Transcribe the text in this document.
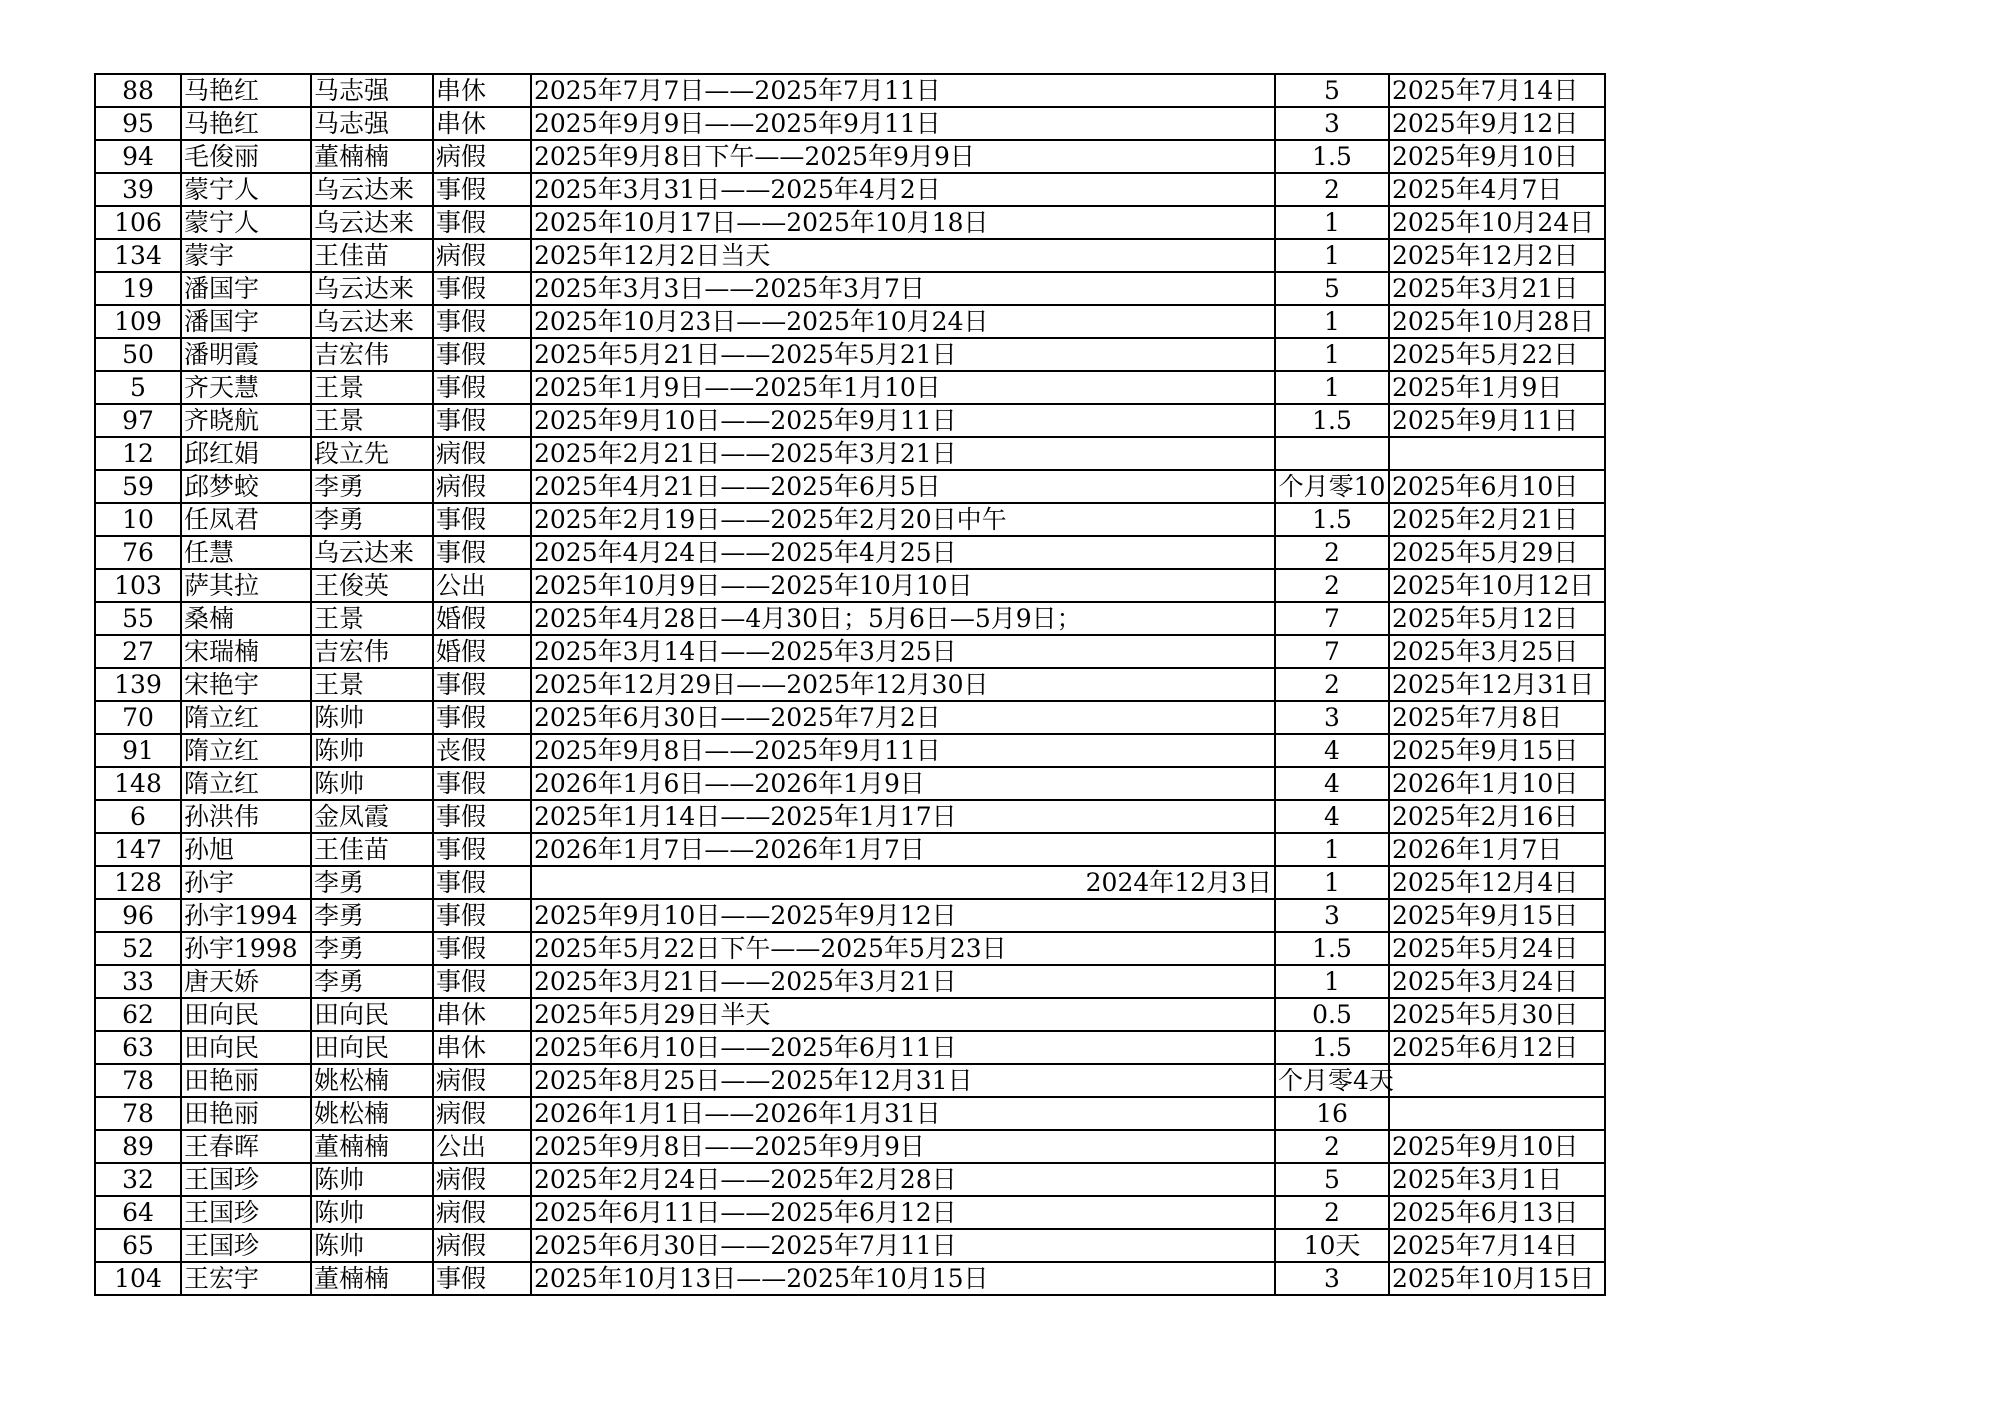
88	马艳红	马志强	串休	2025年7月7日——2025年7月11日	5	2025年7月14日
95	马艳红	马志强	串休	2025年9月9日——2025年9月11日	3	2025年9月12日
94	毛俊丽	董楠楠	病假	2025年9月8日下午——2025年9月9日	1.5	2025年9月10日
39	蒙宁人	乌云达来	事假	2025年3月31日——2025年4月2日	2	2025年4月7日
106	蒙宁人	乌云达来	事假	2025年10月17日——2025年10月18日	1	2025年10月24日
134	蒙宇	王佳苗	病假	2025年12月2日当天	1	2025年12月2日
19	潘国宇	乌云达来	事假	2025年3月3日——2025年3月7日	5	2025年3月21日
109	潘国宇	乌云达来	事假	2025年10月23日——2025年10月24日	1	2025年10月28日
50	潘明霞	吉宏伟	事假	2025年5月21日——2025年5月21日	1	2025年5月22日
5	齐天慧	王景	事假	2025年1月9日——2025年1月10日	1	2025年1月9日
97	齐晓航	王景	事假	2025年9月10日——2025年9月11日	1.5	2025年9月11日
12	邱红娟	段立先	病假	2025年2月21日——2025年3月21日		
59	邱梦蛟	李勇	病假	2025年4月21日——2025年6月5日	个月零10	2025年6月10日
10	任凤君	李勇	事假	2025年2月19日——2025年2月20日中午	1.5	2025年2月21日
76	任慧	乌云达来	事假	2025年4月24日——2025年4月25日	2	2025年5月29日
103	萨其拉	王俊英	公出	2025年10月9日——2025年10月10日	2	2025年10月12日
55	桑楠	王景	婚假	2025年4月28日—4月30日；5月6日—5月9日；	7	2025年5月12日
27	宋瑞楠	吉宏伟	婚假	2025年3月14日——2025年3月25日	7	2025年3月25日
139	宋艳宇	王景	事假	2025年12月29日——2025年12月30日	2	2025年12月31日
70	隋立红	陈帅	事假	2025年6月30日——2025年7月2日	3	2025年7月8日
91	隋立红	陈帅	丧假	2025年9月8日——2025年9月11日	4	2025年9月15日
148	隋立红	陈帅	事假	2026年1月6日——2026年1月9日	4	2026年1月10日
6	孙洪伟	金凤霞	事假	2025年1月14日——2025年1月17日	4	2025年2月16日
147	孙旭	王佳苗	事假	2026年1月7日——2026年1月7日	1	2026年1月7日
128	孙宇	李勇	事假	2024年12月3日	1	2025年12月4日
96	孙宇1994	李勇	事假	2025年9月10日——2025年9月12日	3	2025年9月15日
52	孙宇1998	李勇	事假	2025年5月22日下午——2025年5月23日	1.5	2025年5月24日
33	唐天娇	李勇	事假	2025年3月21日——2025年3月21日	1	2025年3月24日
62	田向民	田向民	串休	2025年5月29日半天	0.5	2025年5月30日
63	田向民	田向民	串休	2025年6月10日——2025年6月11日	1.5	2025年6月12日
78	田艳丽	姚松楠	病假	2025年8月25日——2025年12月31日	个月零4天	
78	田艳丽	姚松楠	病假	2026年1月1日——2026年1月31日	16	
89	王春晖	董楠楠	公出	2025年9月8日——2025年9月9日	2	2025年9月10日
32	王国珍	陈帅	病假	2025年2月24日——2025年2月28日	5	2025年3月1日
64	王国珍	陈帅	病假	2025年6月11日——2025年6月12日	2	2025年6月13日
65	王国珍	陈帅	病假	2025年6月30日——2025年7月11日	10天	2025年7月14日
104	王宏宇	董楠楠	事假	2025年10月13日——2025年10月15日	3	2025年10月15日
